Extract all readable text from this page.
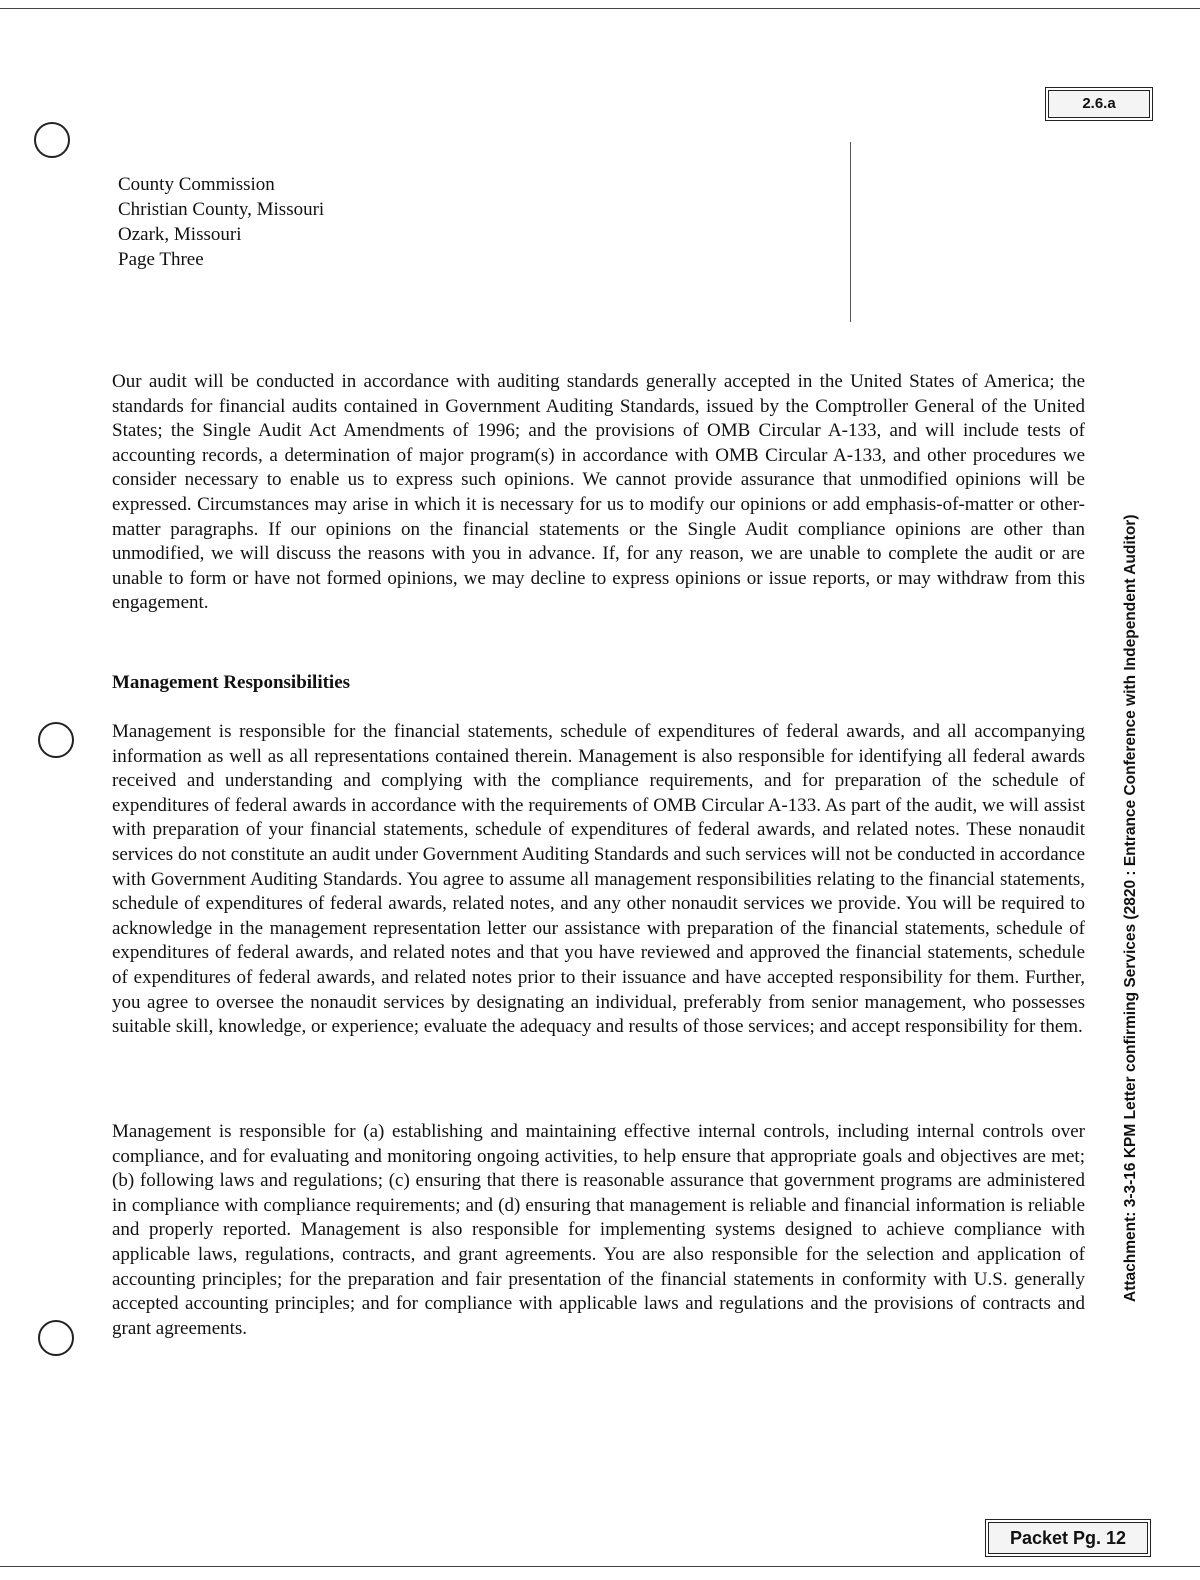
2.6.a
Attachment: 3-3-16 KPM Letter confirming Services (2820 : Entrance Conference with Independent Auditor)
County Commission
Christian County, Missouri
Ozark, Missouri
Page Three

Our audit will be conducted in accordance with auditing standards generally accepted in the United States of America; the standards for financial audits contained in Government Auditing Standards, issued by the Comptroller General of the United States; the Single Audit Act Amendments of 1996; and the provisions of OMB Circular A-133, and will include tests of accounting records, a determination of major program(s) in accordance with OMB Circular A-133, and other procedures we consider necessary to enable us to express such opinions. We cannot provide assurance that unmodified opinions will be expressed. Circumstances may arise in which it is necessary for us to modify our opinions or add emphasis-of-matter or other-matter paragraphs. If our opinions on the financial statements or the Single Audit compliance opinions are other than unmodified, we will discuss the reasons with you in advance. If, for any reason, we are unable to complete the audit or are unable to form or have not formed opinions, we may decline to express opinions or issue reports, or may withdraw from this engagement.

Management Responsibilities

Management is responsible for the financial statements, schedule of expenditures of federal awards, and all accompanying information as well as all representations contained therein. Management is also responsible for identifying all federal awards received and understanding and complying with the compliance requirements, and for preparation of the schedule of expenditures of federal awards in accordance with the requirements of OMB Circular A-133. As part of the audit, we will assist with preparation of your financial statements, schedule of expenditures of federal awards, and related notes. These nonaudit services do not constitute an audit under Government Auditing Standards and such services will not be conducted in accordance with Government Auditing Standards. You agree to assume all management responsibilities relating to the financial statements, schedule of expenditures of federal awards, related notes, and any other nonaudit services we provide. You will be required to acknowledge in the management representation letter our assistance with preparation of the financial statements, schedule of expenditures of federal awards, and related notes and that you have reviewed and approved the financial statements, schedule of expenditures of federal awards, and related notes prior to their issuance and have accepted responsibility for them. Further, you agree to oversee the nonaudit services by designating an individual, preferably from senior management, who possesses suitable skill, knowledge, or experience; evaluate the adequacy and results of those services; and accept responsibility for them.

Management is responsible for (a) establishing and maintaining effective internal controls, including internal controls over compliance, and for evaluating and monitoring ongoing activities, to help ensure that appropriate goals and objectives are met; (b) following laws and regulations; (c) ensuring that there is reasonable assurance that government programs are administered in compliance with compliance requirements; and (d) ensuring that management is reliable and financial information is reliable and properly reported. Management is also responsible for implementing systems designed to achieve compliance with applicable laws, regulations, contracts, and grant agreements. You are also responsible for the selection and application of accounting principles; for the preparation and fair presentation of the financial statements in conformity with U.S. generally accepted accounting principles; and for compliance with applicable laws and regulations and the provisions of contracts and grant agreements.

Packet Pg. 12
